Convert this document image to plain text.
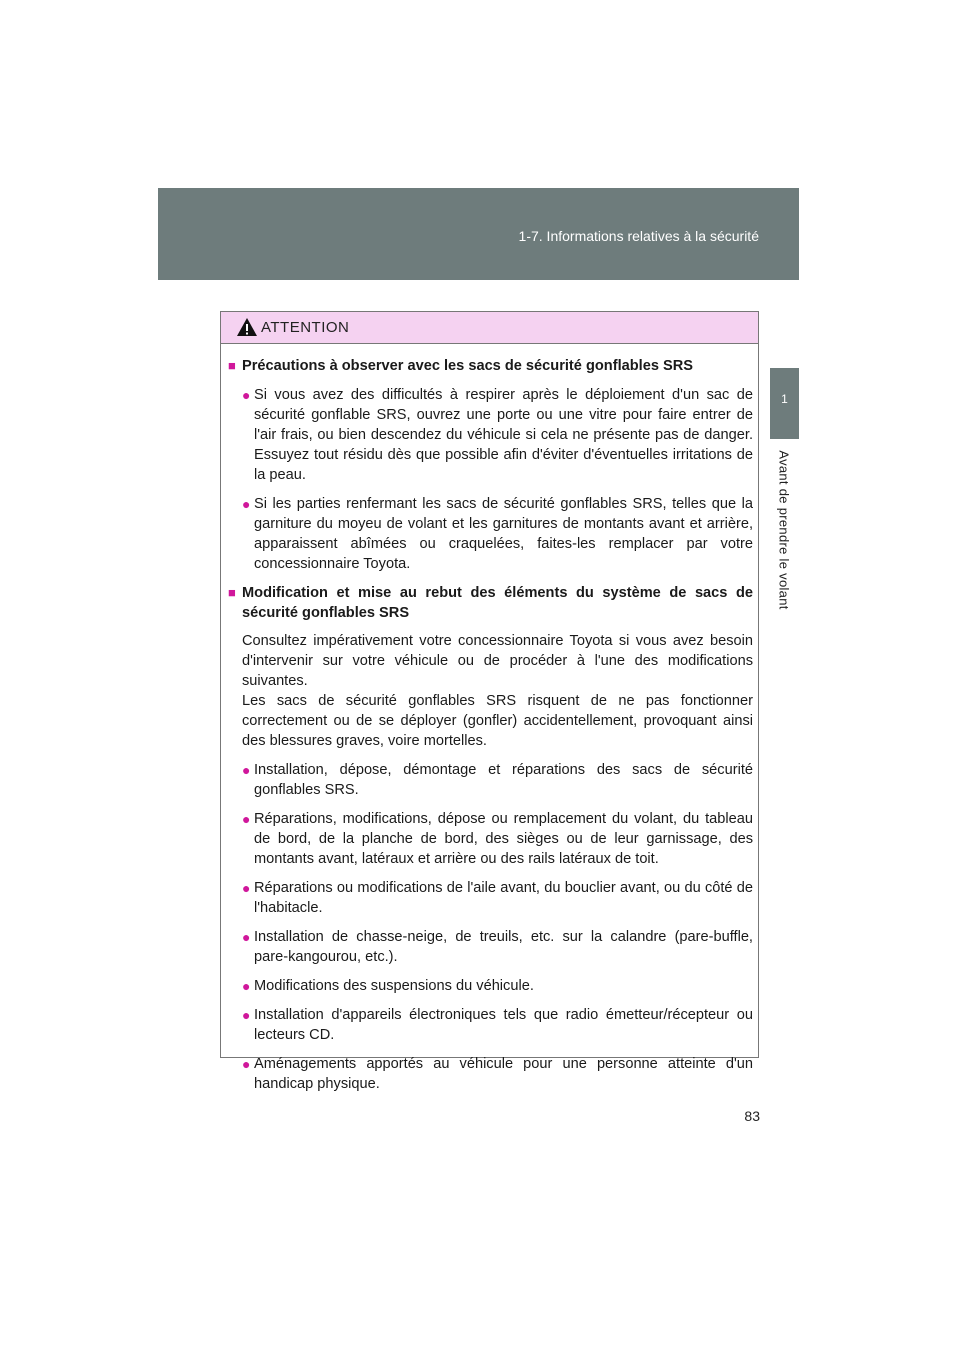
1-7. Informations relatives à la sécurité
1
Avant de prendre le volant
ATTENTION
■ Précautions à observer avec les sacs de sécurité gonflables SRS
● Si vous avez des difficultés à respirer après le déploiement d'un sac de sécurité gonflable SRS, ouvrez une porte ou une vitre pour faire entrer de l'air frais, ou bien descendez du véhicule si cela ne présente pas de danger. Essuyez tout résidu dès que possible afin d'éviter d'éventuelles irritations de la peau.
● Si les parties renfermant les sacs de sécurité gonflables SRS, telles que la garniture du moyeu de volant et les garnitures de montants avant et arrière, apparaissent abîmées ou craquelées, faites-les remplacer par votre concessionnaire Toyota.
■ Modification et mise au rebut des éléments du système de sacs de sécurité gonflables SRS
Consultez impérativement votre concessionnaire Toyota si vous avez besoin d'intervenir sur votre véhicule ou de procéder à l'une des modifications suivantes.
Les sacs de sécurité gonflables SRS risquent de ne pas fonctionner correctement ou de se déployer (gonfler) accidentellement, provoquant ainsi des blessures graves, voire mortelles.
● Installation, dépose, démontage et réparations des sacs de sécurité gonflables SRS.
● Réparations, modifications, dépose ou remplacement du volant, du tableau de bord, de la planche de bord, des sièges ou de leur garnissage, des montants avant, latéraux et arrière ou des rails latéraux de toit.
● Réparations ou modifications de l'aile avant, du bouclier avant, ou du côté de l'habitacle.
● Installation de chasse-neige, de treuils, etc. sur la calandre (pare-buffle, pare-kangourou, etc.).
● Modifications des suspensions du véhicule.
● Installation d'appareils électroniques tels que radio émetteur/récepteur ou lecteurs CD.
● Aménagements apportés au véhicule pour une personne atteinte d'un handicap physique.
83
